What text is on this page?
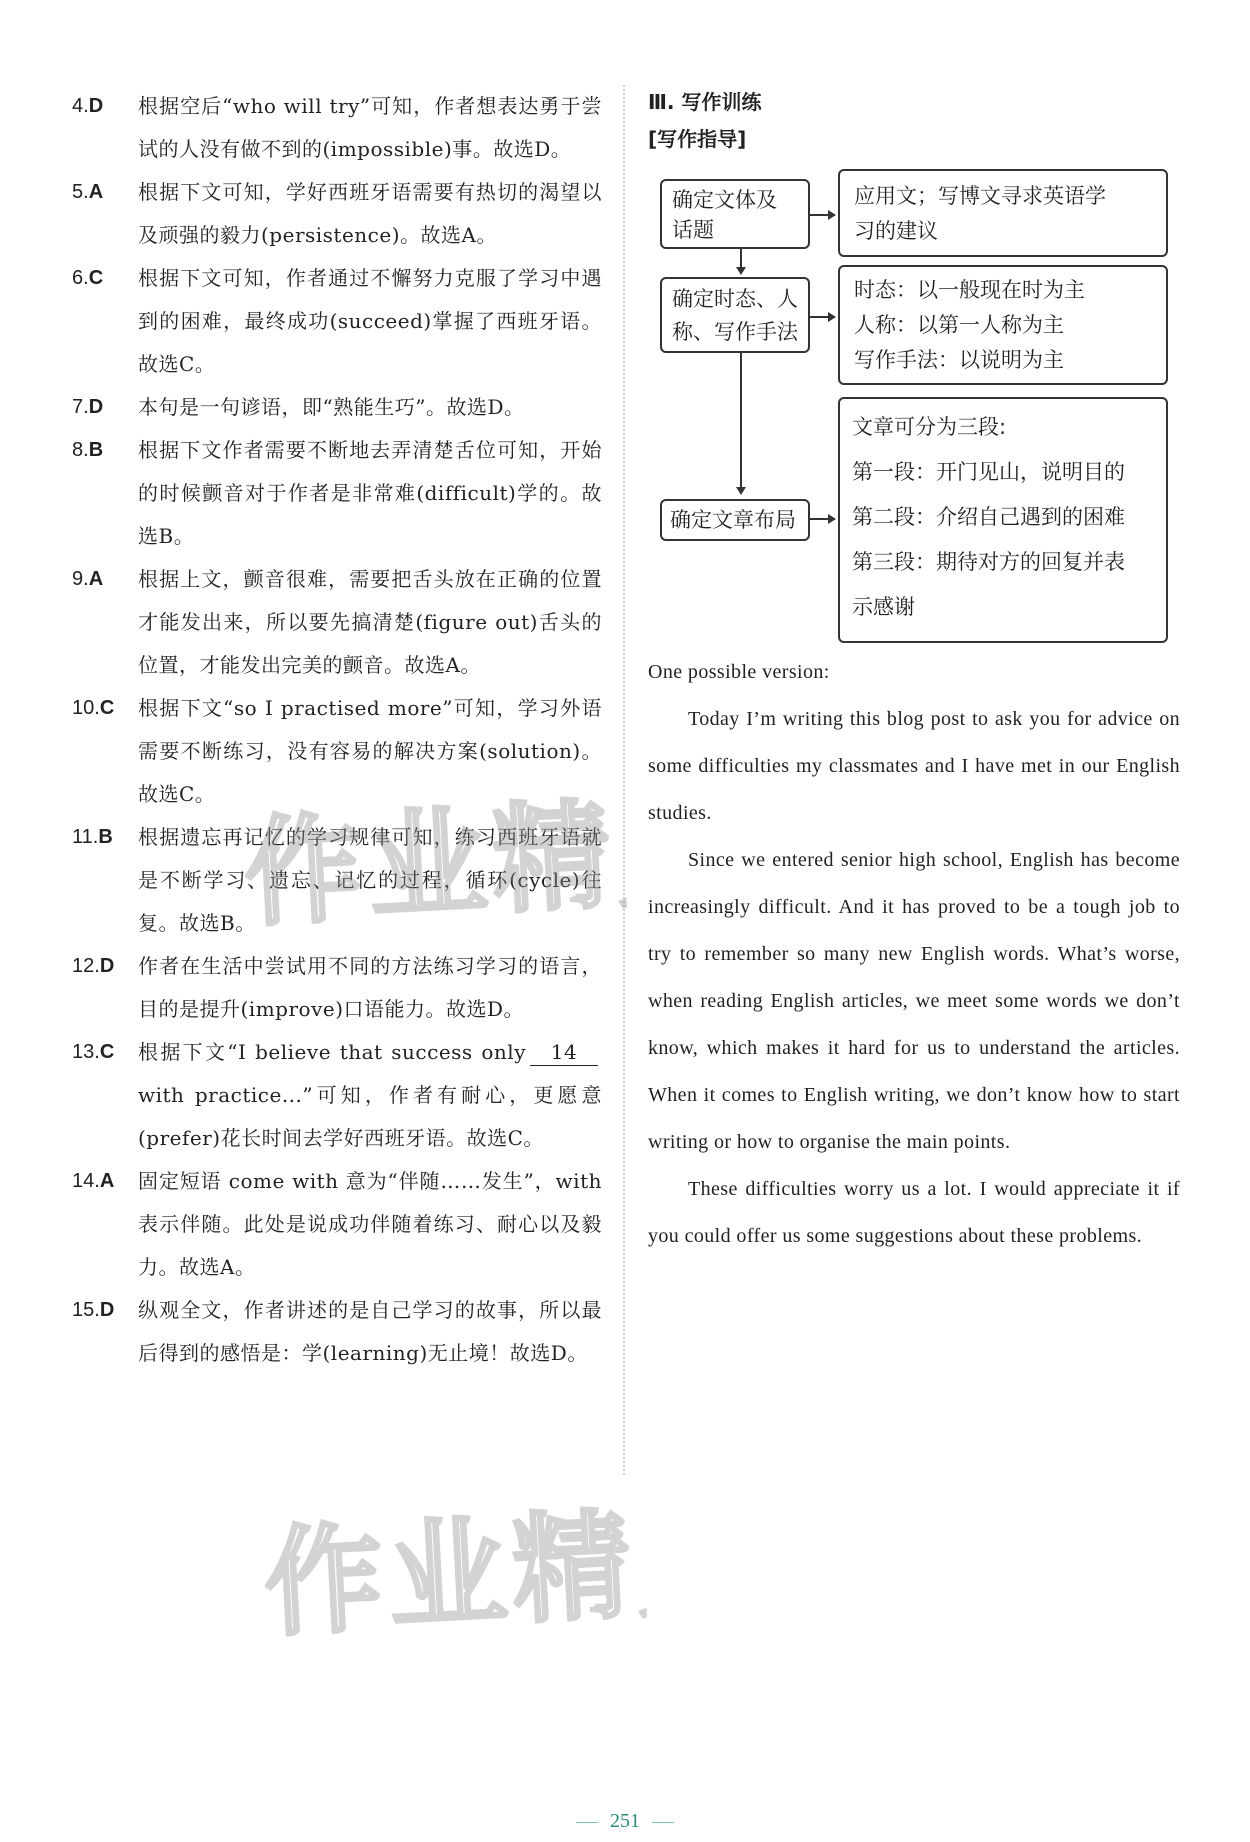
4.D 根据空后“who will try”可知，作者想表达勇于尝试的人没有做不到的(impossible)事。故选D。
5.A 根据下文可知，学好西班牙语需要有热切的渴望以及顽强的毅力(persistence)。故选A。
6.C 根据下文可知，作者通过不懈努力克服了学习中遇到的困难，最终成功(succeed)掌握了西班牙语。故选C。
7.D 本句是一句谚语，即“熟能生巧”。故选D。
8.B 根据下文作者需要不断地去弄清楚舌位可知，开始的时候颤音对于作者是非常难(difficult)学的。故选B。
9.A 根据上文，颤音很难，需要把舌头放在正确的位置才能发出来，所以要先搞清楚(figure out)舌头的位置，才能发出完美的颤音。故选A。
10.C 根据下文“so I practised more”可知，学习外语需要不断练习，没有容易的解决方案(solution)。故选C。
11.B 根据遗忘再记忆的学习规律可知，练习西班牙语就是不断学习、遗忘、记忆的过程，循环(cycle)往复。故选B。
12.D 作者在生活中尝试用不同的方法练习学习的语言，目的是提升(improve)口语能力。故选D。
13.C 根据下文“I believe that success only 14with practice...”可知，作者有耐心，更愿意(prefer)花长时间去学好西班牙语。故选C。
14.A 固定短语 come with 意为“伴随……发生”，with 表示伴随。此处是说成功伴随着练习、耐心以及毅力。故选A。
15.D 纵观全文，作者讲述的是自己学习的故事，所以最后得到的感悟是：学(learning)无止境！故选D。
Ⅲ. 写作训练
[写作指导]
确定文体及
话题
应用文；写博文寻求英语学
习的建议
确定时态、人
称、写作手法
时态：以一般现在时为主
人称：以第一人称为主
写作手法：以说明为主
确定文章布局
文章可分为三段:
第一段：开门见山，说明目的
第二段：介绍自己遇到的困难
第三段：期待对方的回复并表
示感谢

One possible version:

Today I’m writing this blog post to ask you for advice on some difficulties my classmates and I have met in our English studies.

Since we entered senior high school, English has become increasingly difficult. And it has proved to be a tough job to try to remember so many new English words. What’s worse, when reading English articles, we meet some words we don’t know, which makes it hard for us to understand the articles. When it comes to English writing, we don’t know how to start writing or how to organise the main points.

These difficulties worry us a lot. I would appreciate it if you could offer us some suggestions about these problems.

作业精灵
作业精灵
251
